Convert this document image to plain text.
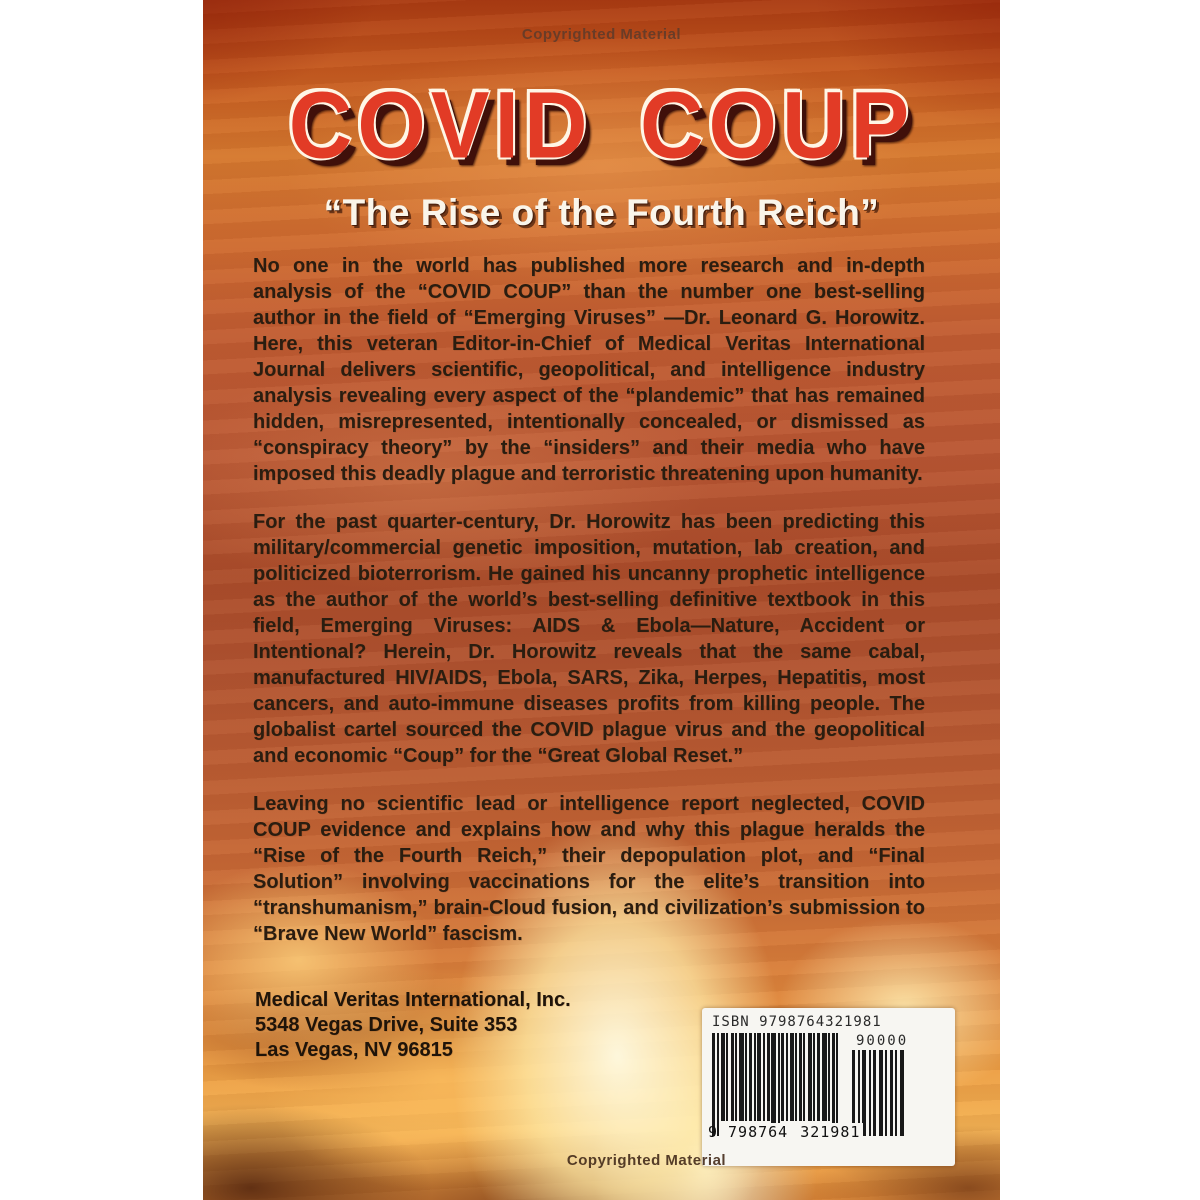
Copyrighted Material
COVID COUP
“The Rise of the Fourth Reich”

No one in the world has published more research and in-depth analysis of the “COVID COUP” than the number one best-selling author in the field of “Emerging Viruses” —Dr. Leonard G. Horowitz. Here, this veteran Editor-in-Chief of Medical Veritas International Journal delivers scientific, geopolitical, and intelligence industry analysis revealing every aspect of the “plandemic” that has remained hidden, misrepresented, intentionally concealed, or dismissed as “conspiracy theory” by the “insiders” and their media who have imposed this deadly plague and terroristic threatening upon humanity.

For the past quarter-century, Dr. Horowitz has been predicting this military/commercial genetic imposition, mutation, lab creation, and politicized bioterrorism. He gained his uncanny prophetic intelligence as the author of the world’s best-selling definitive textbook in this field, Emerging Viruses: AIDS & Ebola—Nature, Accident or Intentional? Herein, Dr. Horowitz reveals that the same cabal, manufactured HIV/AIDS, Ebola, SARS, Zika, Herpes, Hepatitis, most cancers, and auto-immune diseases profits from killing people. The globalist cartel sourced the COVID plague virus and the geopolitical and economic “Coup” for the “Great Global Reset.”

Leaving no scientific lead or intelligence report neglected, COVID COUP evidence and explains how and why this plague heralds the “Rise of the Fourth Reich,” their depopulation plot, and “Final Solution” involving vaccinations for the elite’s transition into “transhumanism,” brain-Cloud fusion, and civilization’s submission to “Brave New World” fascism.

Medical Veritas International, Inc.
5348 Vegas Drive, Suite 353
Las Vegas, NV 96815
ISBN 9798764321981
9 798764 321981
90000
Copyrighted Material
